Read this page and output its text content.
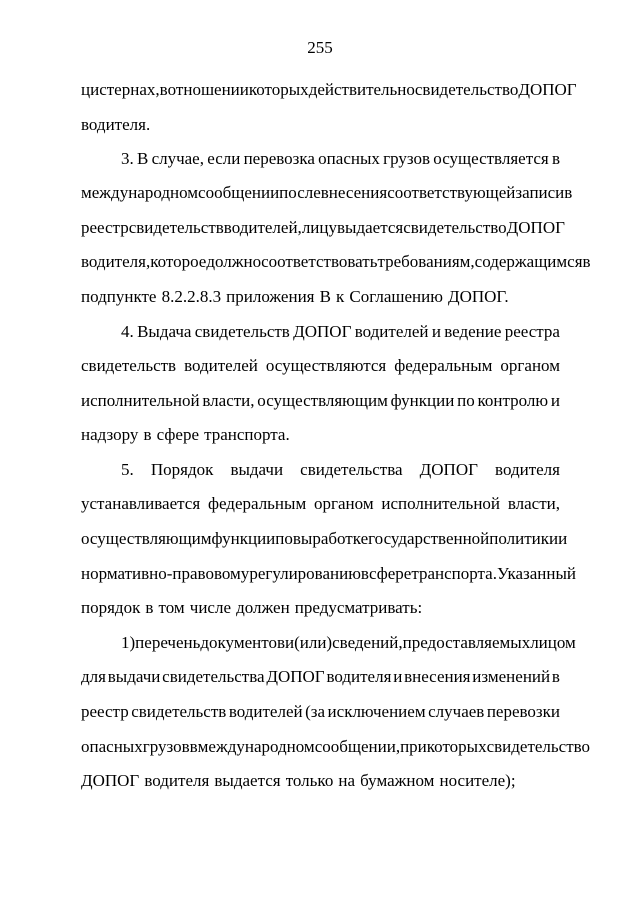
255
цистернах, в отношении которых действительно свидетельство ДОПОГ
водителя.
3. В случае, если перевозка опасных грузов осуществляется в
международном сообщении после внесения соответствующей записи в
реестр свидетельств водителей, лицу выдается свидетельство ДОПОГ
водителя, которое должно соответствовать требованиям, содержащимся в
подпункте 8.2.2.8.3 приложения В к Соглашению ДОПОГ.
4. Выдача свидетельств ДОПОГ водителей и ведение реестра
свидетельств водителей осуществляются федеральным органом
исполнительной власти, осуществляющим функции по контролю и
надзору в сфере транспорта.
5. Порядок выдачи свидетельства ДОПОГ водителя
устанавливается федеральным органом исполнительной власти,
осуществляющим функции по выработке государственной политики и
нормативно-правовому регулированию в сфере транспорта. Указанный
порядок в том числе должен предусматривать:
1) перечень документов и (или) сведений, предоставляемых лицом
для выдачи свидетельства ДОПОГ водителя и внесения изменений в
реестр свидетельств водителей (за исключением случаев перевозки
опасных грузов в международном сообщении, при которых свидетельство
ДОПОГ водителя выдается только на бумажном носителе);
